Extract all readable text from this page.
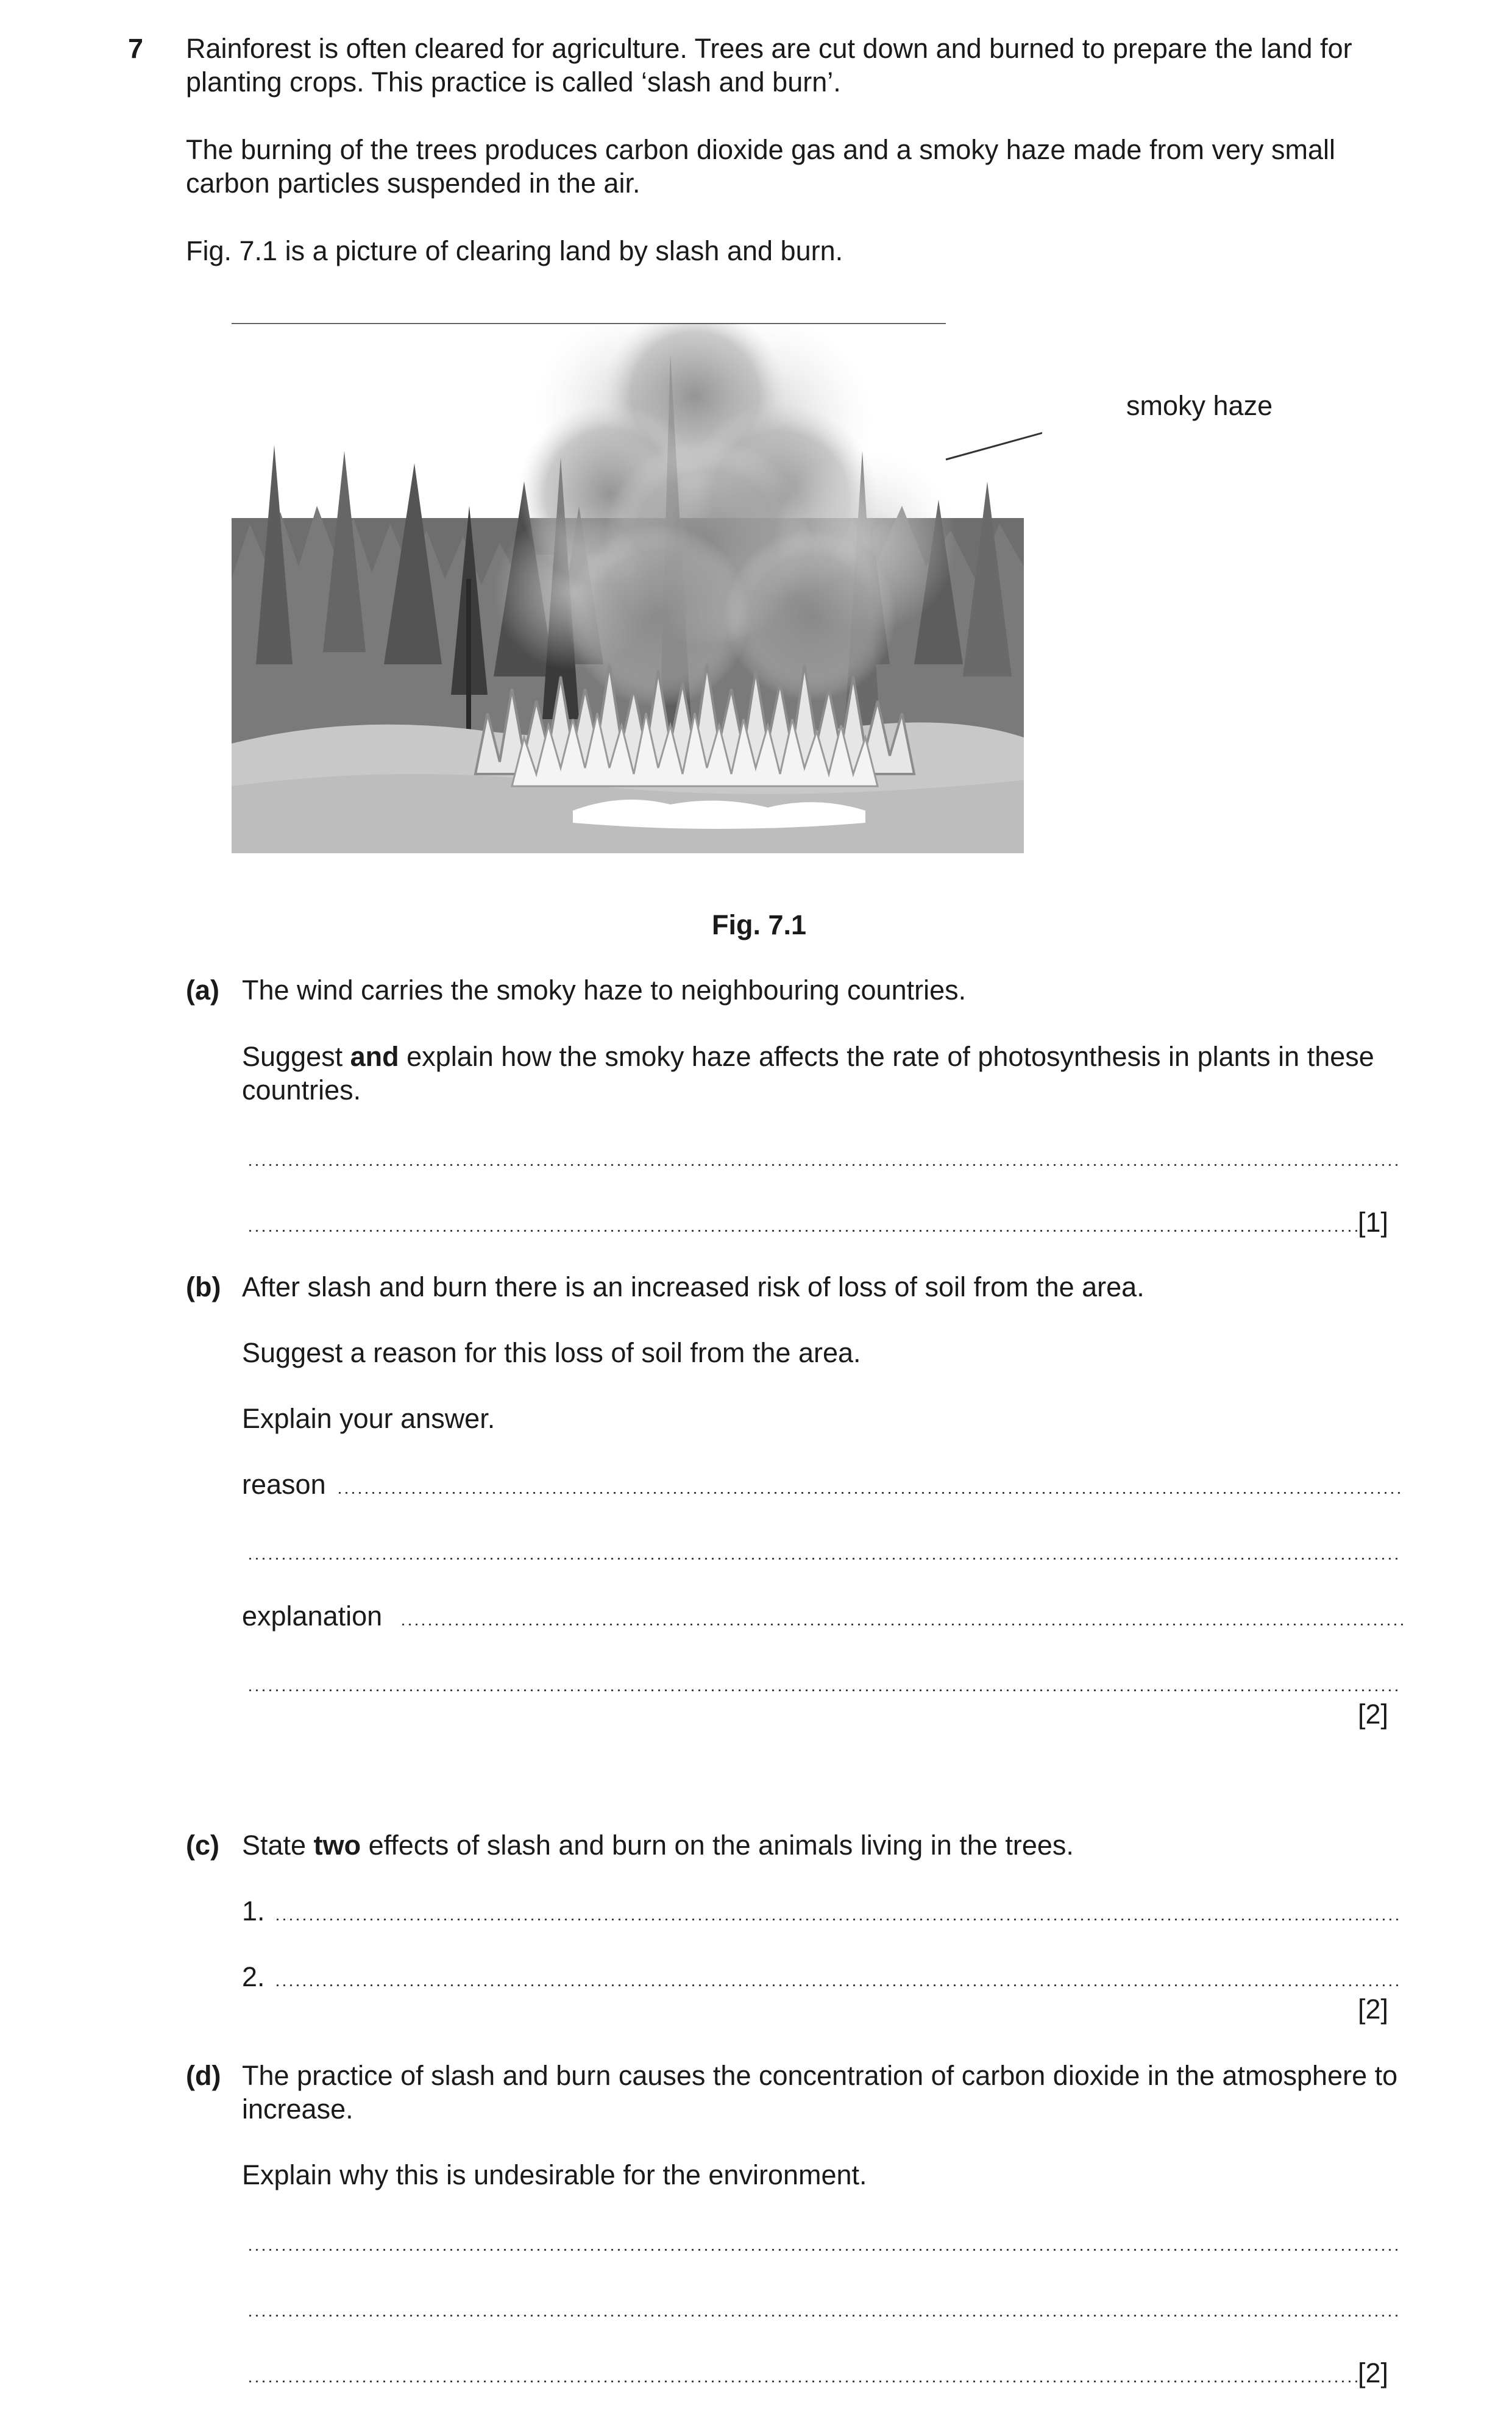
7 Rainforest is often cleared for agriculture. Trees are cut down and burned to prepare the land for planting crops. This practice is called ‘slash and burn’.
The burning of the trees produces carbon dioxide gas and a smoky haze made from very small carbon particles suspended in the air.
Fig. 7.1 is a picture of clearing land by slash and burn.
smoky haze
Fig. 7.1
(a) The wind carries the smoky haze to neighbouring countries.
Suggest and explain how the smoky haze affects the rate of photosynthesis in plants in these countries.
[1]
(b) After slash and burn there is an increased risk of loss of soil from the area.
Suggest a reason for this loss of soil from the area.
Explain your answer.
reason
explanation
[2]
(c) State two effects of slash and burn on the animals living in the trees.
1.
2.
[2]
(d) The practice of slash and burn causes the concentration of carbon dioxide in the atmosphere to increase.
Explain why this is undesirable for the environment.
[2]
